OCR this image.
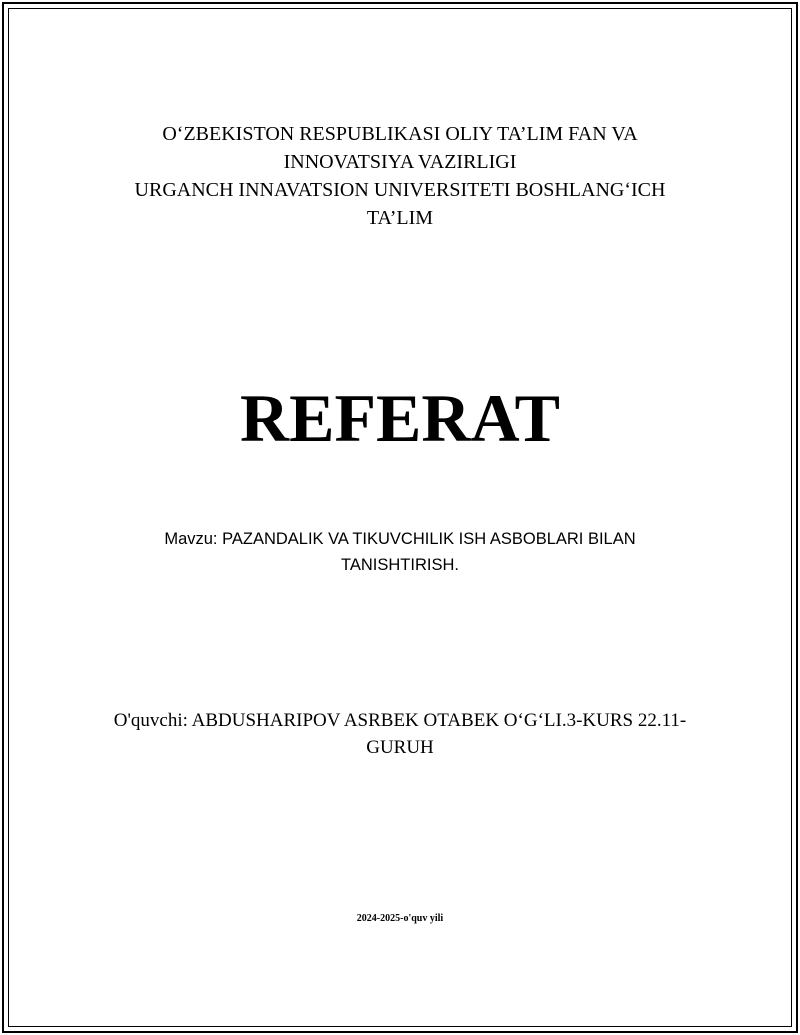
O‘ZBEKISTON RESPUBLIKASI OLIY TA’LIM FAN VA
INNOVATSIYA VAZIRLIGI
URGANCH INNAVATSION UNIVERSITETI BOSHLANG‘ICH
TA’LIM
REFERAT
Mavzu: PAZANDALIK VA TIKUVCHILIK ISH ASBOBLARI BILAN
TANISHTIRISH.
O'quvchi: ABDUSHARIPOV ASRBEK OTABEK O‘G‘LI.3-KURS 22.11-
GURUH
2024-2025-o'quv yili
